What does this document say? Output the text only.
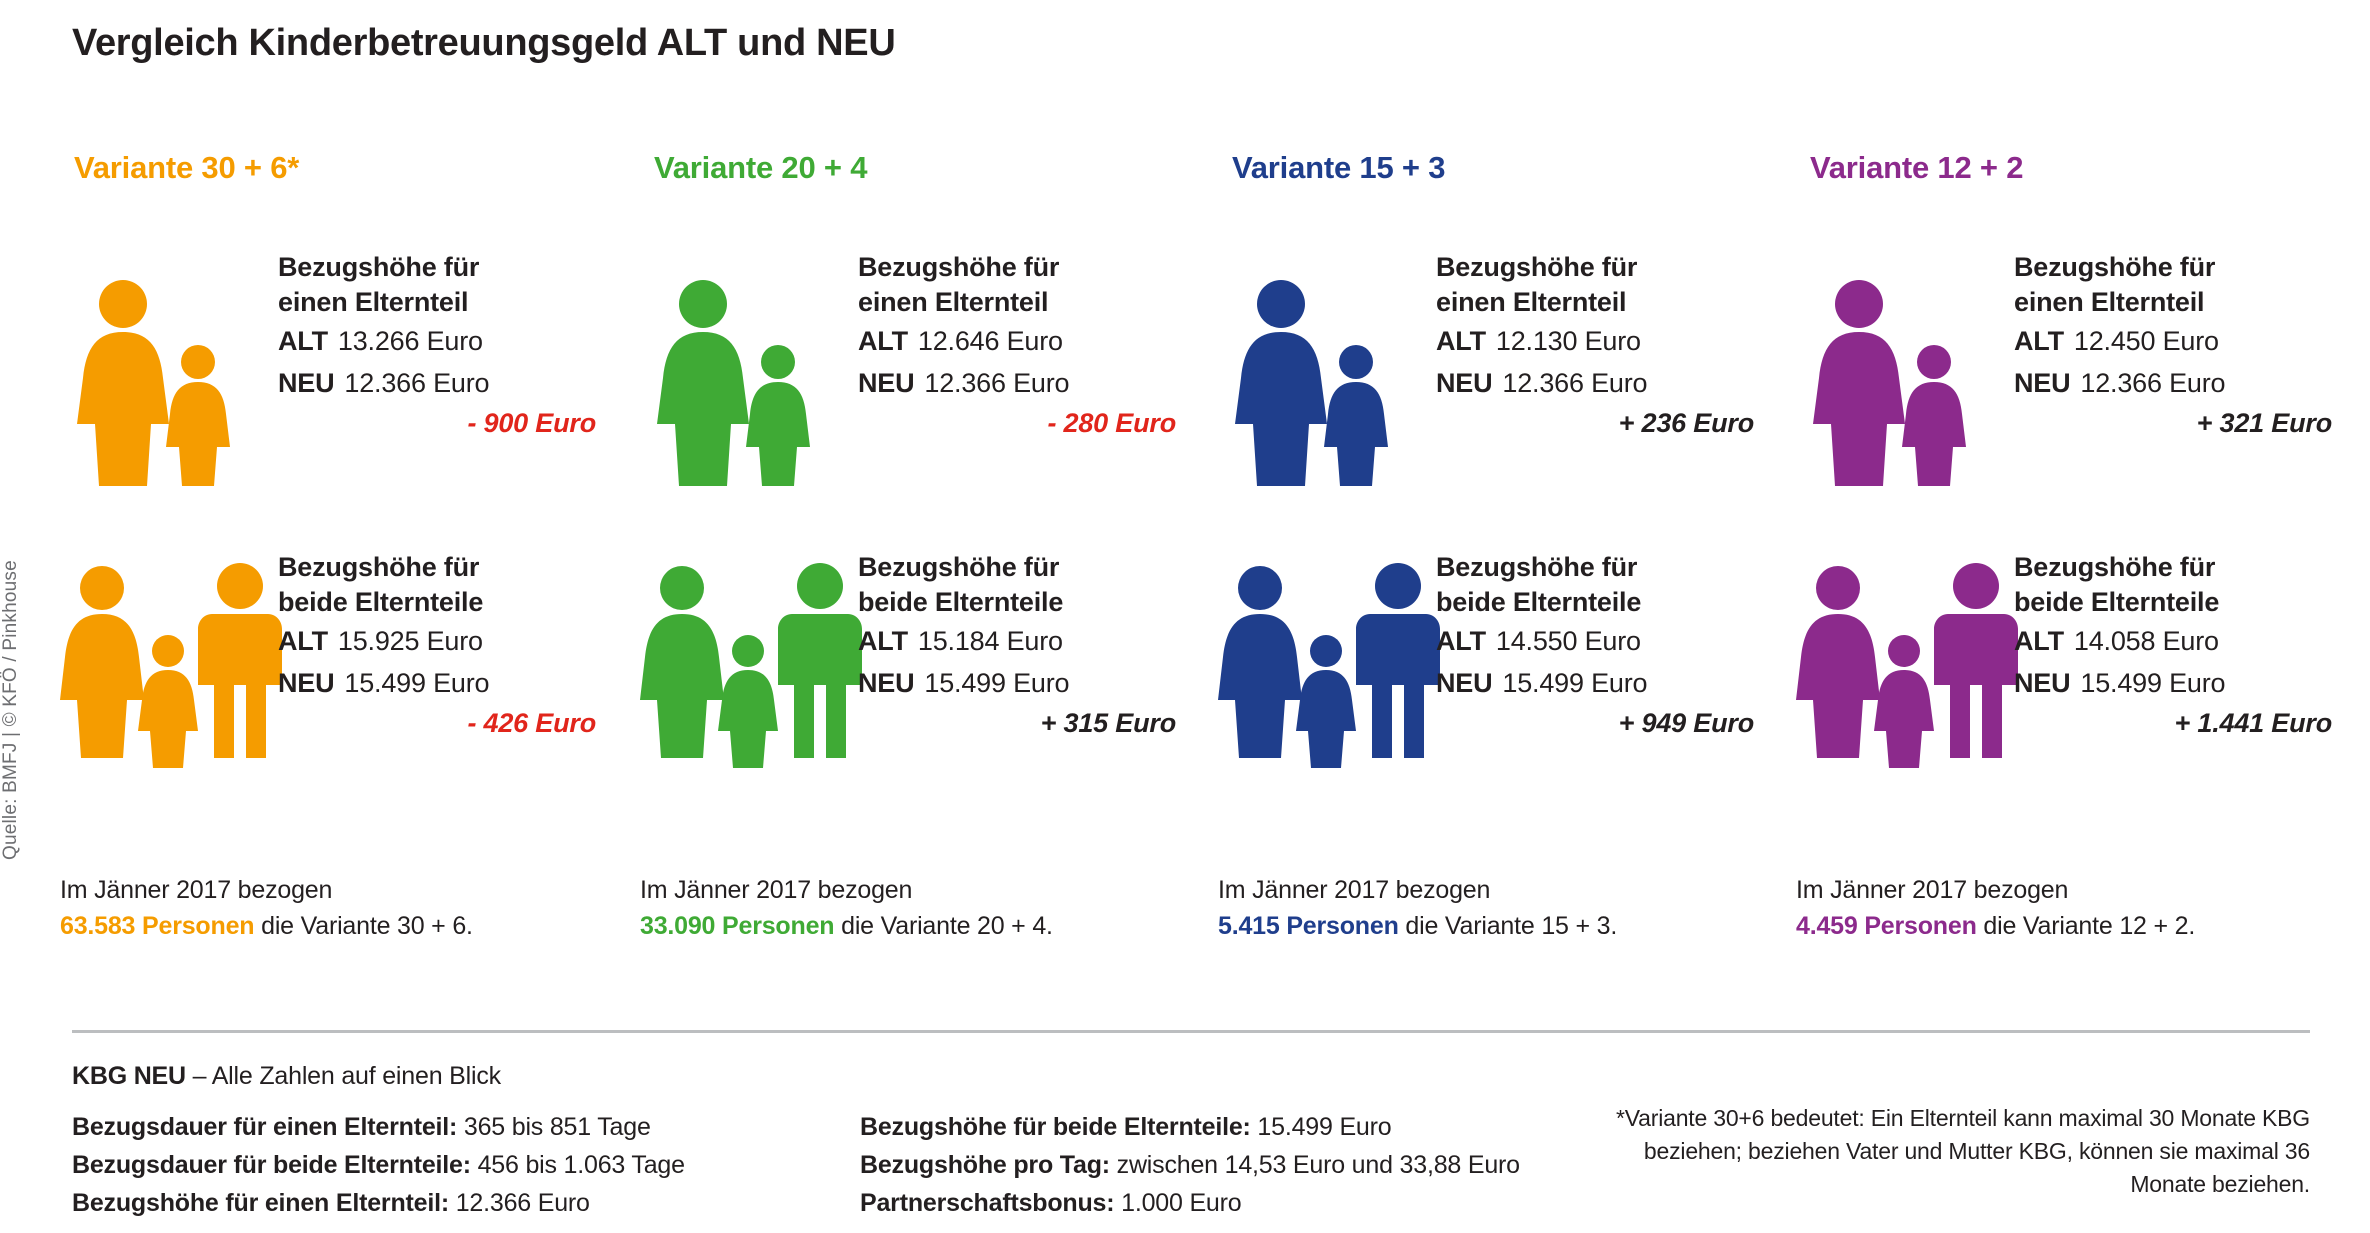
Quelle: BMFJ | © KFÖ / Pinkhouse
Vergleich Kinderbetreuungsgeld ALT und NEU
Variante 30 + 6*
Bezugshöhe für
einen Elternteil
ALT 13.266 Euro
NEU 12.366 Euro
- 900 Euro
Bezugshöhe für
beide Elternteile
ALT 15.925 Euro
NEU 15.499 Euro
- 426 Euro
Im Jänner 2017 bezogen
63.583 Personen die Variante 30 + 6.
Variante 20 + 4
Bezugshöhe für
einen Elternteil
ALT 12.646 Euro
NEU 12.366 Euro
- 280 Euro
Bezugshöhe für
beide Elternteile
ALT 15.184 Euro
NEU 15.499 Euro
+ 315 Euro
Im Jänner 2017 bezogen
33.090 Personen die Variante 20 + 4.
Variante 15 + 3
Bezugshöhe für
einen Elternteil
ALT 12.130 Euro
NEU 12.366 Euro
+ 236 Euro
Bezugshöhe für
beide Elternteile
ALT 14.550 Euro
NEU 15.499 Euro
+ 949 Euro
Im Jänner 2017 bezogen
5.415 Personen die Variante 15 + 3.
Variante 12 + 2
Bezugshöhe für
einen Elternteil
ALT 12.450 Euro
NEU 12.366 Euro
+ 321 Euro
Bezugshöhe für
beide Elternteile
ALT 14.058 Euro
NEU 15.499 Euro
+ 1.441 Euro
Im Jänner 2017 bezogen
4.459 Personen die Variante 12 + 2.
KBG NEU – Alle Zahlen auf einen Blick
Bezugsdauer für einen Elternteil: 365 bis 851 Tage
Bezugsdauer für beide Elternteile: 456 bis 1.063 Tage
Bezugshöhe für einen Elternteil: 12.366 Euro
Bezugshöhe für beide Elternteile: 15.499 Euro
Bezugshöhe pro Tag: zwischen 14,53 Euro und 33,88 Euro
Partnerschaftsbonus: 1.000 Euro
*Variante 30+6 bedeutet: Ein Elternteil kann maximal 30 Monate KBG beziehen; beziehen Vater und Mutter KBG, können sie maximal 36 Monate beziehen.
